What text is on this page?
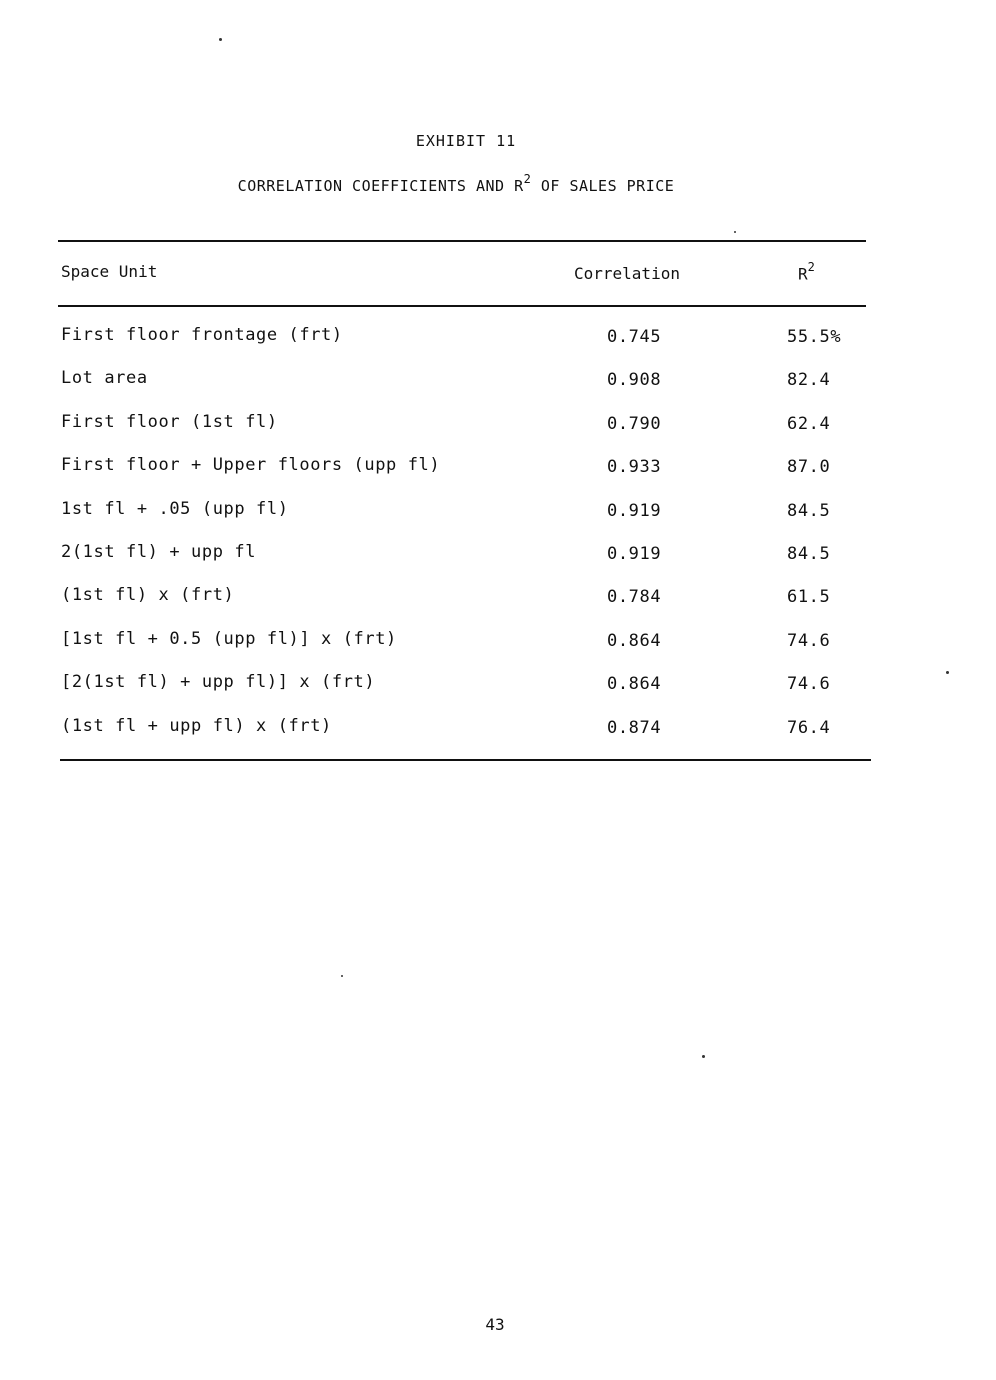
EXHIBIT 11
CORRELATION COEFFICIENTS AND $R^2$ OF SALES PRICE
Space Unit	Correlation	$R^2$
First floor frontage (frt)	0.745	55.5%
Lot area	0.908	82.4
First floor (1st fl)	0.790	62.4
First floor + Upper floors (upp fl)	0.933	87.0
1st fl + .05 (upp fl)	0.919	84.5
2(1st fl) + upp fl	0.919	84.5
(1st fl) x (frt)	0.784	61.5
[1st fl + 0.5 (upp fl)] x (frt)	0.864	74.6
[2(1st fl) + upp fl)] x (frt)	0.864	74.6
(1st fl + upp fl) x (frt)	0.874	76.4
43
